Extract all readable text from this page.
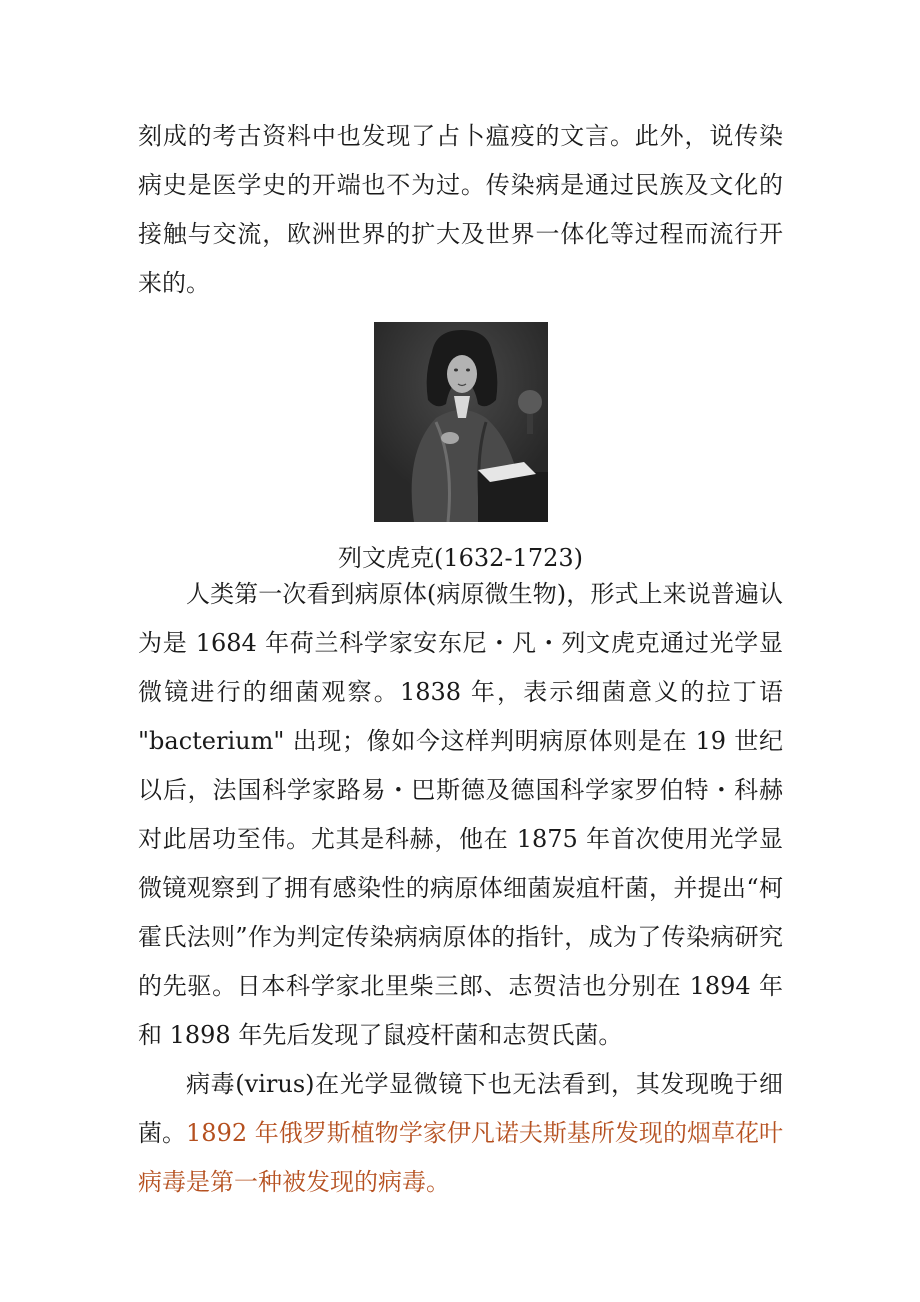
刻成的考古资料中也发现了占卜瘟疫的文言。此外，说传染病史是医学史的开端也不为过。传染病是通过民族及文化的接触与交流，欧洲世界的扩大及世界一体化等过程而流行开来的。

列文虎克(1632-1723)

人类第一次看到病原体(病原微生物)，形式上来说普遍认为是 1684 年荷兰科学家安东尼・凡・列文虎克通过光学显微镜进行的细菌观察。1838 年，表示细菌意义的拉丁语 "bacterium" 出现；像如今这样判明病原体则是在 19 世纪以后，法国科学家路易・巴斯德及德国科学家罗伯特・科赫对此居功至伟。尤其是科赫，他在 1875 年首次使用光学显微镜观察到了拥有感染性的病原体细菌炭疽杆菌，并提出“柯霍氏法则”作为判定传染病病原体的指针，成为了传染病研究的先驱。日本科学家北里柴三郎、志贺洁也分别在 1894 年和 1898 年先后发现了鼠疫杆菌和志贺氏菌。

病毒(virus)在光学显微镜下也无法看到，其发现晚于细菌。1892 年俄罗斯植物学家伊凡诺夫斯基所发现的烟草花叶病毒是第一种被发现的病毒。
